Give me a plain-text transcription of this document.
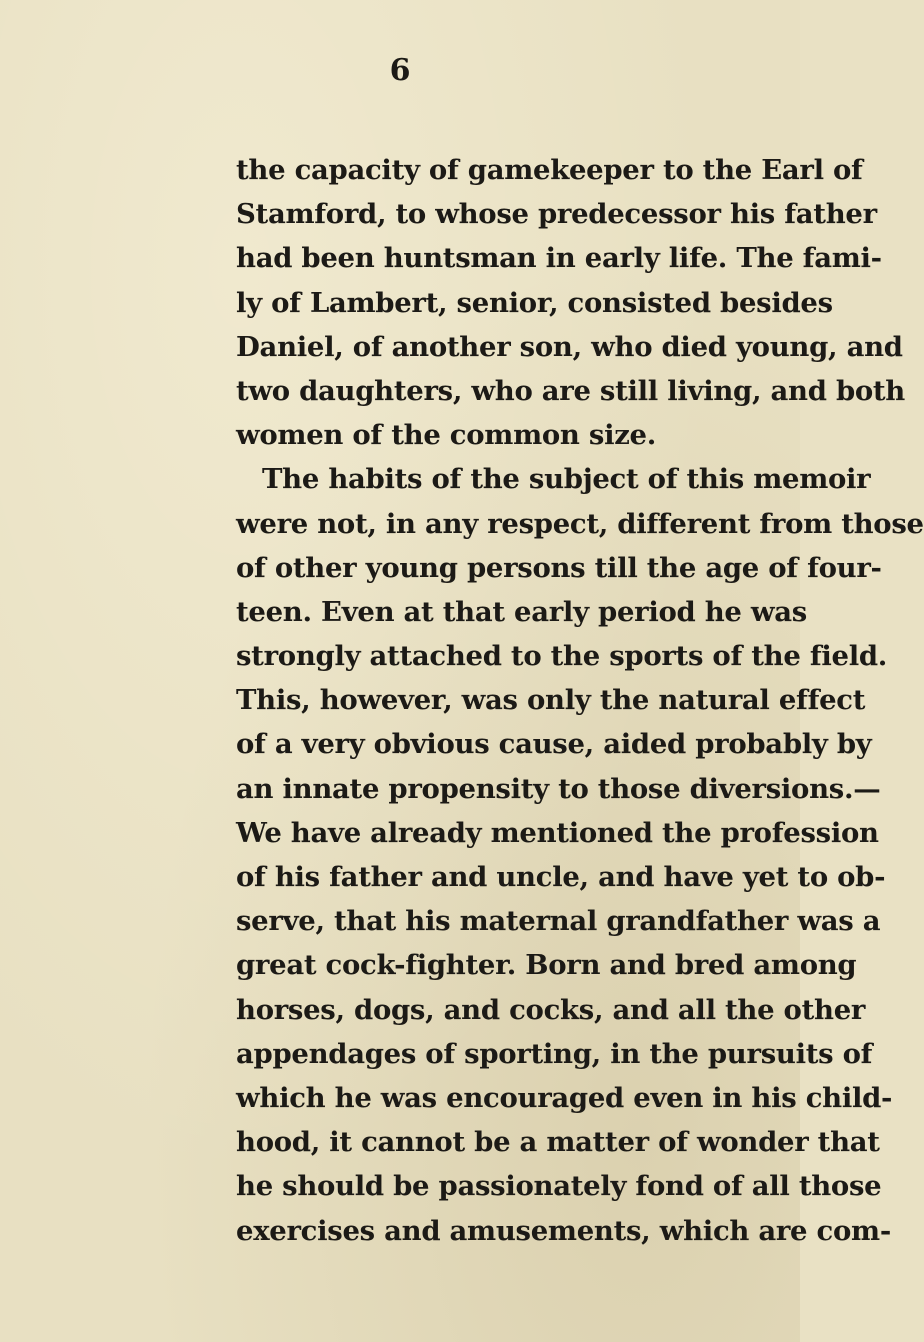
6
the capacity of gamekeeper to the Earl of
Stamford, to whose predecessor his father
had been huntsman in early life. The fami-
ly of Lambert, senior, consisted besides
Daniel, of another son, who died young, and
two daughters, who are still living, and both
women of the common size.
The habits of the subject of this memoir
were not, in any respect, different from those
of other young persons till the age of four-
teen. Even at that early period he was
strongly attached to the sports of the field.
This, however, was only the natural effect
of a very obvious cause, aided probably by
an innate propensity to those diversions.—
We have already mentioned the profession
of his father and uncle, and have yet to ob-
serve, that his maternal grandfather was a
great cock-fighter. Born and bred among
horses, dogs, and cocks, and all the other
appendages of sporting, in the pursuits of
which he was encouraged even in his child-
hood, it cannot be a matter of wonder that
he should be passionately fond of all those
exercises and amusements, which are com-
